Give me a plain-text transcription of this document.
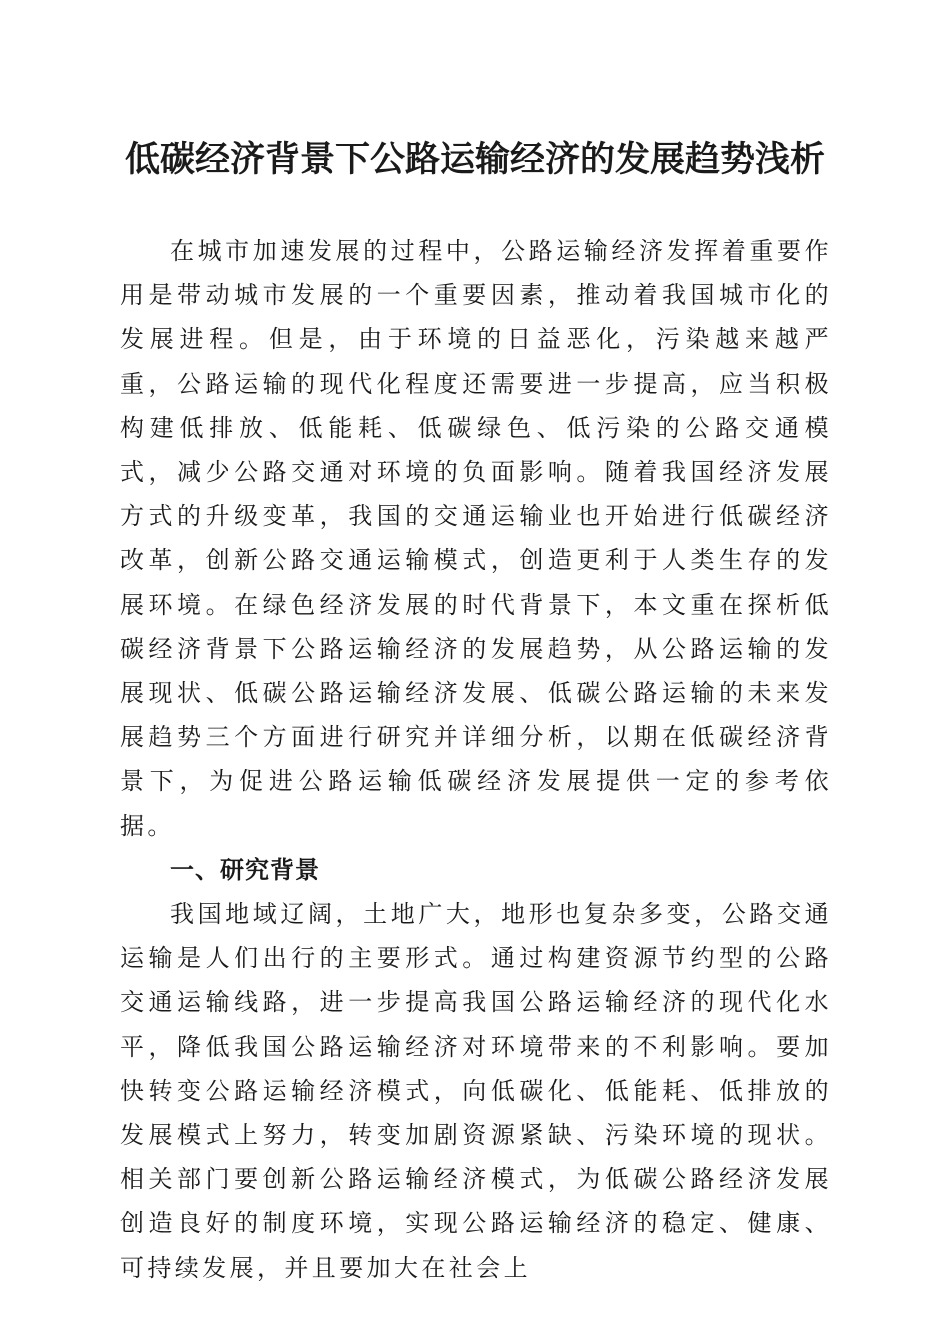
低碳经济背景下公路运输经济的发展趋势浅析

在城市加速发展的过程中，公路运输经济发挥着重要作用是带动城市发展的一个重要因素，推动着我国城市化的发展进程。但是，由于环境的日益恶化，污染越来越严重，公路运输的现代化程度还需要进一步提高，应当积极构建低排放、低能耗、低碳绿色、低污染的公路交通模式，减少公路交通对环境的负面影响。随着我国经济发展方式的升级变革，我国的交通运输业也开始进行低碳经济改革，创新公路交通运输模式，创造更利于人类生存的发展环境。在绿色经济发展的时代背景下，本文重在探析低碳经济背景下公路运输经济的发展趋势，从公路运输的发展现状、低碳公路运输经济发展、低碳公路运输的未来发展趋势三个方面进行研究并详细分析，以期在低碳经济背景下，为促进公路运输低碳经济发展提供一定的参考依据。

一、研究背景

我国地域辽阔，土地广大，地形也复杂多变，公路交通运输是人们出行的主要形式。通过构建资源节约型的公路交通运输线路，进一步提高我国公路运输经济的现代化水平，降低我国公路运输经济对环境带来的不利影响。要加快转变公路运输经济模式，向低碳化、低能耗、低排放的发展模式上努力，转变加剧资源紧缺、污染环境的现状。相关部门要创新公路运输经济模式，为低碳公路经济发展创造良好的制度环境，实现公路运输经济的稳定、健康、可持续发展，并且要加大在社会上
